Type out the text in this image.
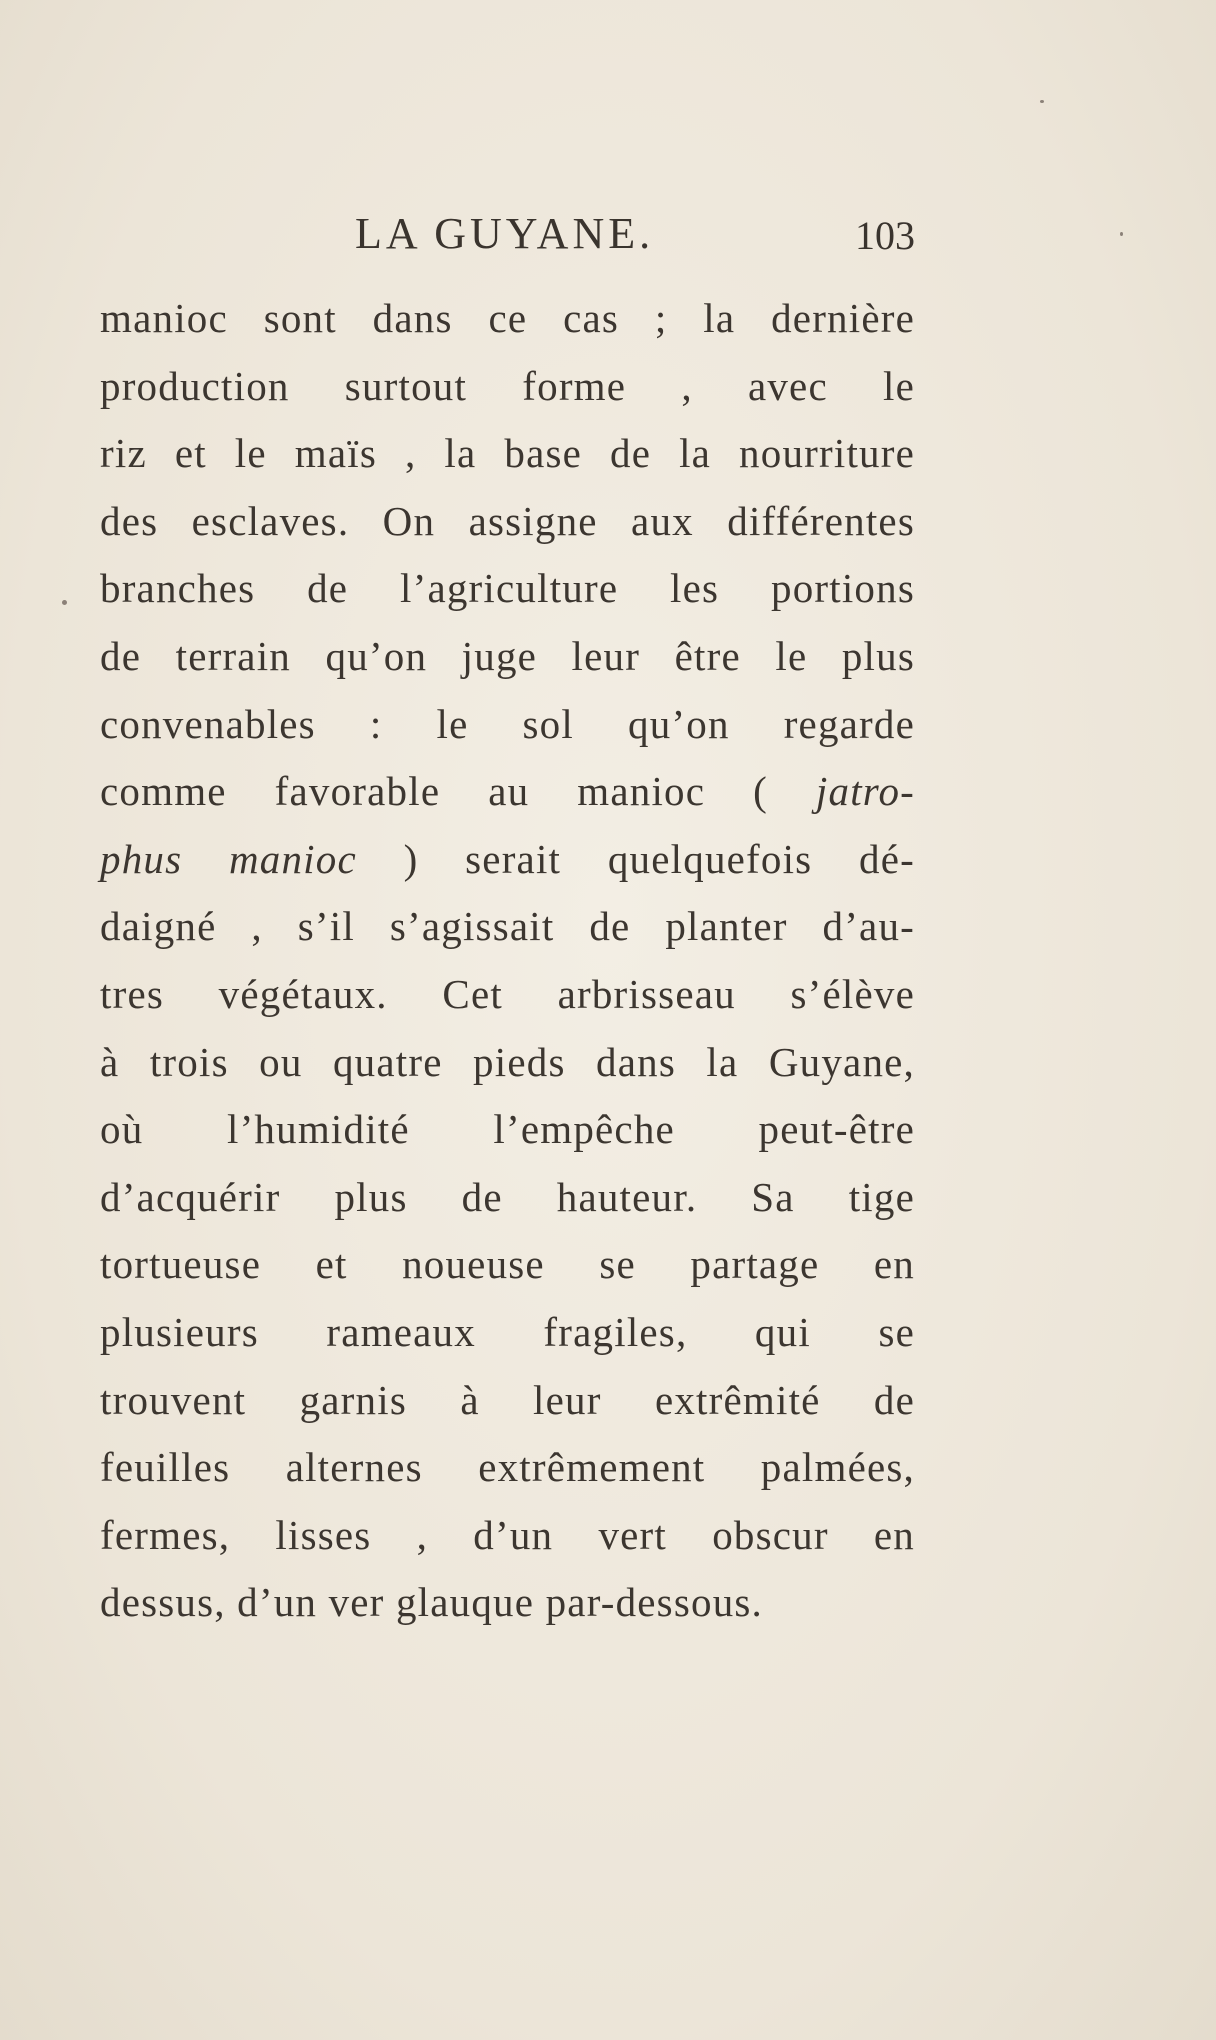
LA GUYANE.	103
manioc sont dans ce cas ; la dernière
production surtout forme , avec le
riz et le maïs , la base de la nourriture
des esclaves. On assigne aux différentes
branches de l’agriculture les portions
de terrain qu’on juge leur être le plus
convenables : le sol qu’on regarde
comme favorable au manioc ( jatro-
phus manioc ) serait quelquefois dé-
daigné , s’il s’agissait de planter d’au-
tres végétaux. Cet arbrisseau s’élève
à trois ou quatre pieds dans la Guyane,
où l’humidité l’empêche peut-être
d’acquérir plus de hauteur. Sa tige
tortueuse et noueuse se partage en
plusieurs rameaux fragiles, qui se
trouvent garnis à leur extrêmité de
feuilles alternes extrêmement palmées,
fermes, lisses , d’un vert obscur en
dessus, d’un ver glauque par-dessous.
